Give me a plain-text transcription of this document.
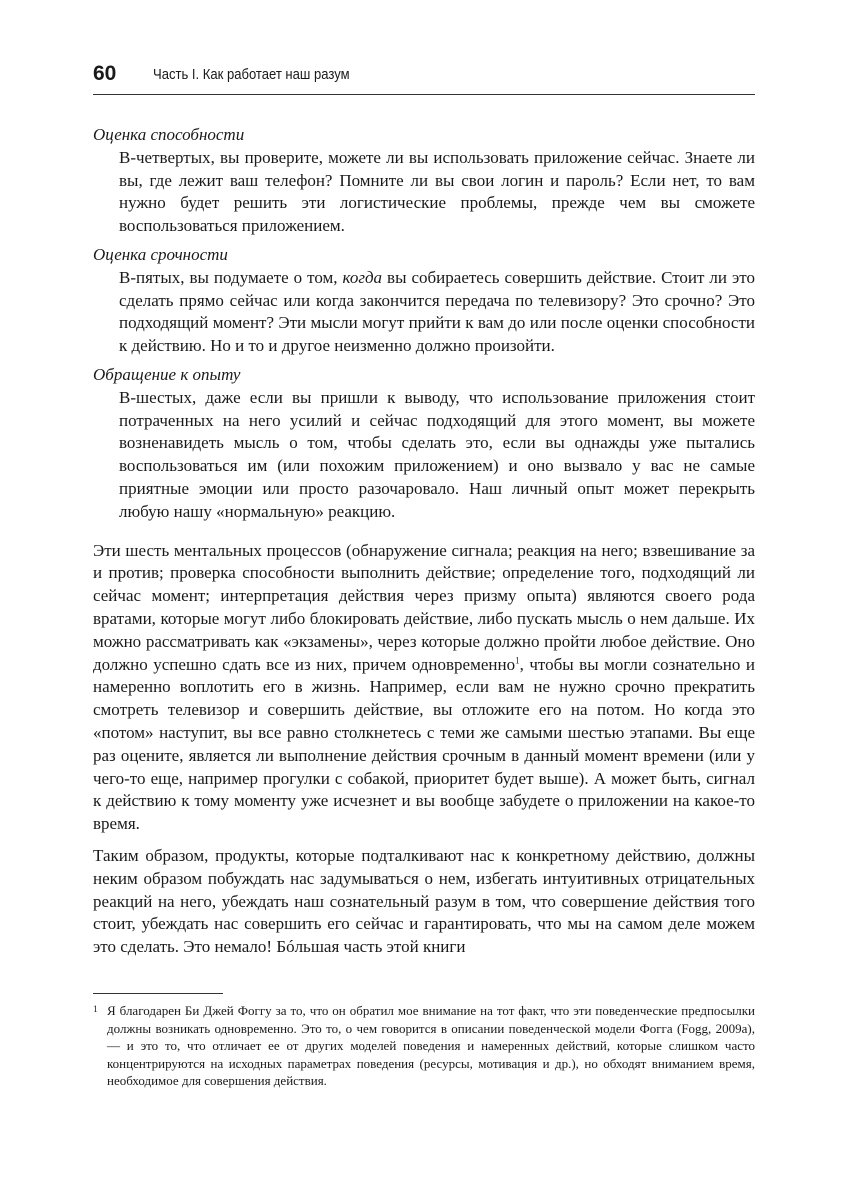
60	Часть I. Как работает наш разум

Оценка способности

В-четвертых, вы проверите, можете ли вы использовать приложение сейчас. Знаете ли вы, где лежит ваш телефон? Помните ли вы свои логин и пароль? Если нет, то вам нужно будет решить эти логистические проблемы, прежде чем вы сможете воспользоваться приложением.

Оценка срочности

В-пятых, вы подумаете о том, когда вы собираетесь совершить действие. Стоит ли это сделать прямо сейчас или когда закончится передача по телевизору? Это срочно? Это подходящий момент? Эти мысли могут прийти к вам до или после оценки способности к действию. Но и то и другое неизменно должно произойти.

Обращение к опыту

В-шестых, даже если вы пришли к выводу, что использование приложения стоит потраченных на него усилий и сейчас подходящий для этого момент, вы можете возненавидеть мысль о том, чтобы сделать это, если вы однажды уже пытались воспользоваться им (или похожим приложением) и оно вызвало у вас не самые приятные эмоции или просто разочаровало. Наш личный опыт может перекрыть любую нашу «нормальную» реакцию.

Эти шесть ментальных процессов (обнаружение сигнала; реакция на него; взвешивание за и против; проверка способности выполнить действие; определение того, подходящий ли сейчас момент; интерпретация действия через призму опыта) являются своего рода вратами, которые могут либо блокировать действие, либо пускать мысль о нем дальше. Их можно рассматривать как «экзамены», через которые должно пройти любое действие. Оно должно успешно сдать все из них, причем одновременно$^1$, чтобы вы могли сознательно и намеренно воплотить его в жизнь. Например, если вам не нужно срочно прекратить смотреть телевизор и совершить действие, вы отложите его на потом. Но когда это «потом» наступит, вы все равно столкнетесь с теми же самыми шестью этапами. Вы еще раз оцените, является ли выполнение действия срочным в данный момент времени (или у чего-то еще, например прогулки с собакой, приоритет будет выше). А может быть, сигнал к действию к тому моменту уже исчезнет и вы вообще забудете о приложении на какое-то время.

Таким образом, продукты, которые подталкивают нас к конкретному действию, должны неким образом побуждать нас задумываться о нем, избегать интуитивных отрицательных реакций на него, убеждать наш сознательный разум в том, что совершение действия того стоит, убеждать нас совершить его сейчас и гарантировать, что мы на самом деле можем это сделать. Это немало! Бóльшая часть этой книги

1 Я благодарен Би Джей Фоггу за то, что он обратил мое внимание на тот факт, что эти поведенческие предпосылки должны возникать одновременно. Это то, о чем говорится в описании поведенческой модели Фогга (Fogg, 2009a), — и это то, что отличает ее от других моделей поведения и намеренных действий, которые слишком часто концентрируются на исходных параметрах поведения (ресурсы, мотивация и др.), но обходят вниманием время, необходимое для совершения действия.
